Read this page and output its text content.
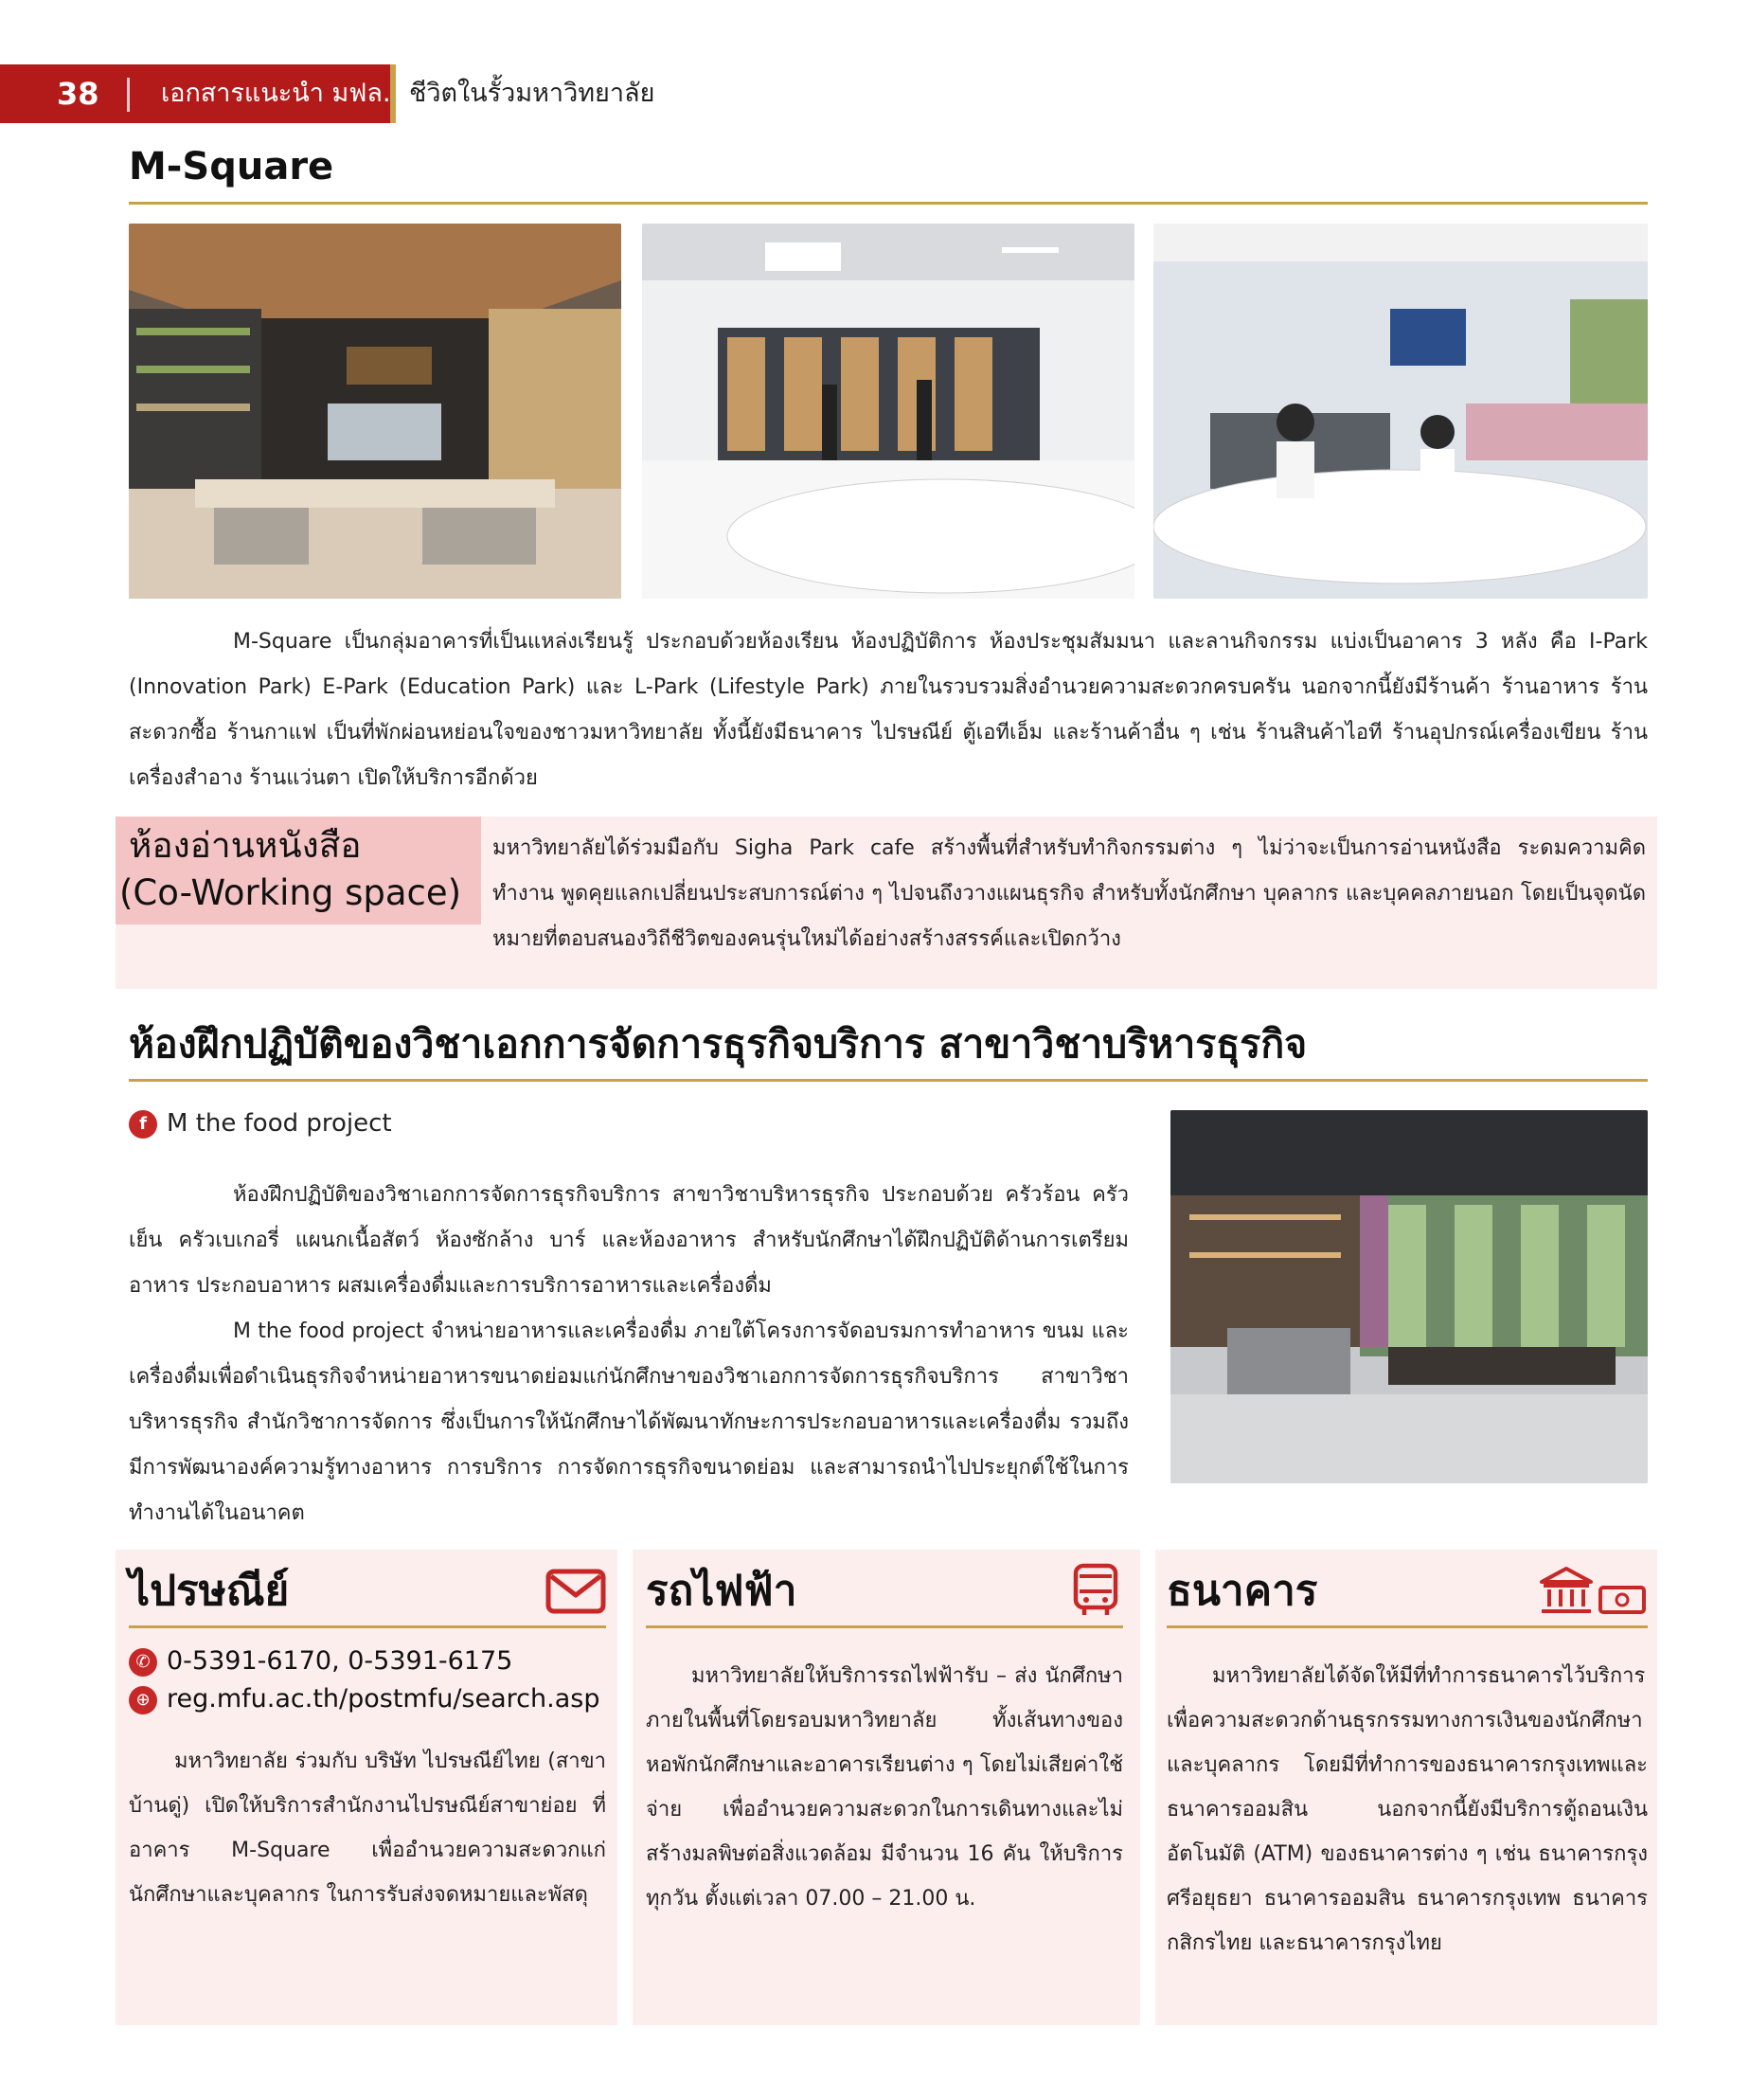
38 เอกสารแนะนำ มฟล. ชีวิตในรั้วมหาวิทยาลัย
M-Square

M-Square เป็นกลุ่มอาคารที่เป็นแหล่งเรียนรู้ ประกอบด้วยห้องเรียน ห้องปฏิบัติการ ห้องประชุมสัมมนา และลานกิจกรรม แบ่งเป็นอาคาร 3 หลัง คือ I-Park (Innovation Park) E-Park (Education Park) และ L-Park (Lifestyle Park) ภายในรวบรวมสิ่งอำนวยความสะดวกครบครัน นอกจากนี้ยังมีร้านค้า ร้านอาหาร ร้านสะดวกซื้อ ร้านกาแฟ เป็นที่พักผ่อนหย่อนใจของชาวมหาวิทยาลัย ทั้งนี้ยังมีธนาคาร ไปรษณีย์ ตู้เอทีเอ็ม และร้านค้าอื่น ๆ เช่น ร้านสินค้าไอที ร้านอุปกรณ์เครื่องเขียน ร้านเครื่องสำอาง ร้านแว่นตา เปิดให้บริการอีกด้วย

ห้องอ่านหนังสือ
(Co-Working space)
มหาวิทยาลัยได้ร่วมมือกับ Sigha Park cafe สร้างพื้นที่สำหรับทำกิจกรรมต่าง ๆ ไม่ว่าจะเป็นการอ่านหนังสือ ระดมความคิด ทำงาน พูดคุยแลกเปลี่ยนประสบการณ์ต่าง ๆ ไปจนถึงวางแผนธุรกิจ สำหรับทั้งนักศึกษา บุคลากร และบุคคลภายนอก โดยเป็นจุดนัดหมายที่ตอบสนองวิถีชีวิตของคนรุ่นใหม่ได้อย่างสร้างสรรค์และเปิดกว้าง
ห้องฝึกปฏิบัติของวิชาเอกการจัดการธุรกิจบริการ สาขาวิชาบริหารธุรกิจ
f M the food project

ห้องฝึกปฏิบัติของวิชาเอกการจัดการธุรกิจบริการ สาขาวิชาบริหารธุรกิจ ประกอบด้วย ครัวร้อน ครัวเย็น ครัวเบเกอรี่ แผนกเนื้อสัตว์ ห้องซักล้าง บาร์ และห้องอาหาร สำหรับนักศึกษาได้ฝึกปฏิบัติด้านการเตรียมอาหาร ประกอบอาหาร ผสมเครื่องดื่มและการบริการอาหารและเครื่องดื่ม

M the food project จำหน่ายอาหารและเครื่องดื่ม ภายใต้โครงการจัดอบรมการทำอาหาร ขนม และเครื่องดื่มเพื่อดำเนินธุรกิจจำหน่ายอาหารขนาดย่อมแก่นักศึกษาของวิชาเอกการจัดการธุรกิจบริการ สาขาวิชาบริหารธุรกิจ สำนักวิชาการจัดการ ซึ่งเป็นการให้นักศึกษาได้พัฒนาทักษะการประกอบอาหารและเครื่องดื่ม รวมถึงมีการพัฒนาองค์ความรู้ทางอาหาร การบริการ การจัดการธุรกิจขนาดย่อม และสามารถนำไปประยุกต์ใช้ในการทำงานได้ในอนาคต

ไปรษณีย์
✆ 0-5391-6170, 0-5391-6175
⊕ reg.mfu.ac.th/postmfu/search.asp

มหาวิทยาลัย ร่วมกับ บริษัท ไปรษณีย์ไทย (สาขาบ้านดู่) เปิดให้บริการสำนักงานไปรษณีย์สาขาย่อย ที่อาคาร M-Square เพื่ออำนวยความสะดวกแก่นักศึกษาและบุคลากร ในการรับส่งจดหมายและพัสดุ

รถไฟฟ้า

มหาวิทยาลัยให้บริการรถไฟฟ้ารับ – ส่ง นักศึกษา ภายในพื้นที่โดยรอบมหาวิทยาลัย ทั้งเส้นทางของหอพักนักศึกษาและอาคารเรียนต่าง ๆ โดยไม่เสียค่าใช้จ่าย เพื่ออำนวยความสะดวกในการเดินทางและไม่สร้างมลพิษต่อสิ่งแวดล้อม มีจำนวน 16 คัน ให้บริการทุกวัน ตั้งแต่เวลา 07.00 – 21.00 น.

ธนาคาร

มหาวิทยาลัยได้จัดให้มีที่ทำการธนาคารไว้บริการ เพื่อความสะดวกด้านธุรกรรมทางการเงินของนักศึกษาและบุคลากร โดยมีที่ทำการของธนาคารกรุงเทพและธนาคารออมสิน นอกจากนี้ยังมีบริการตู้ถอนเงินอัตโนมัติ (ATM) ของธนาคารต่าง ๆ เช่น ธนาคารกรุงศรีอยุธยา ธนาคารออมสิน ธนาคารกรุงเทพ ธนาคารกสิกรไทย และธนาคารกรุงไทย
